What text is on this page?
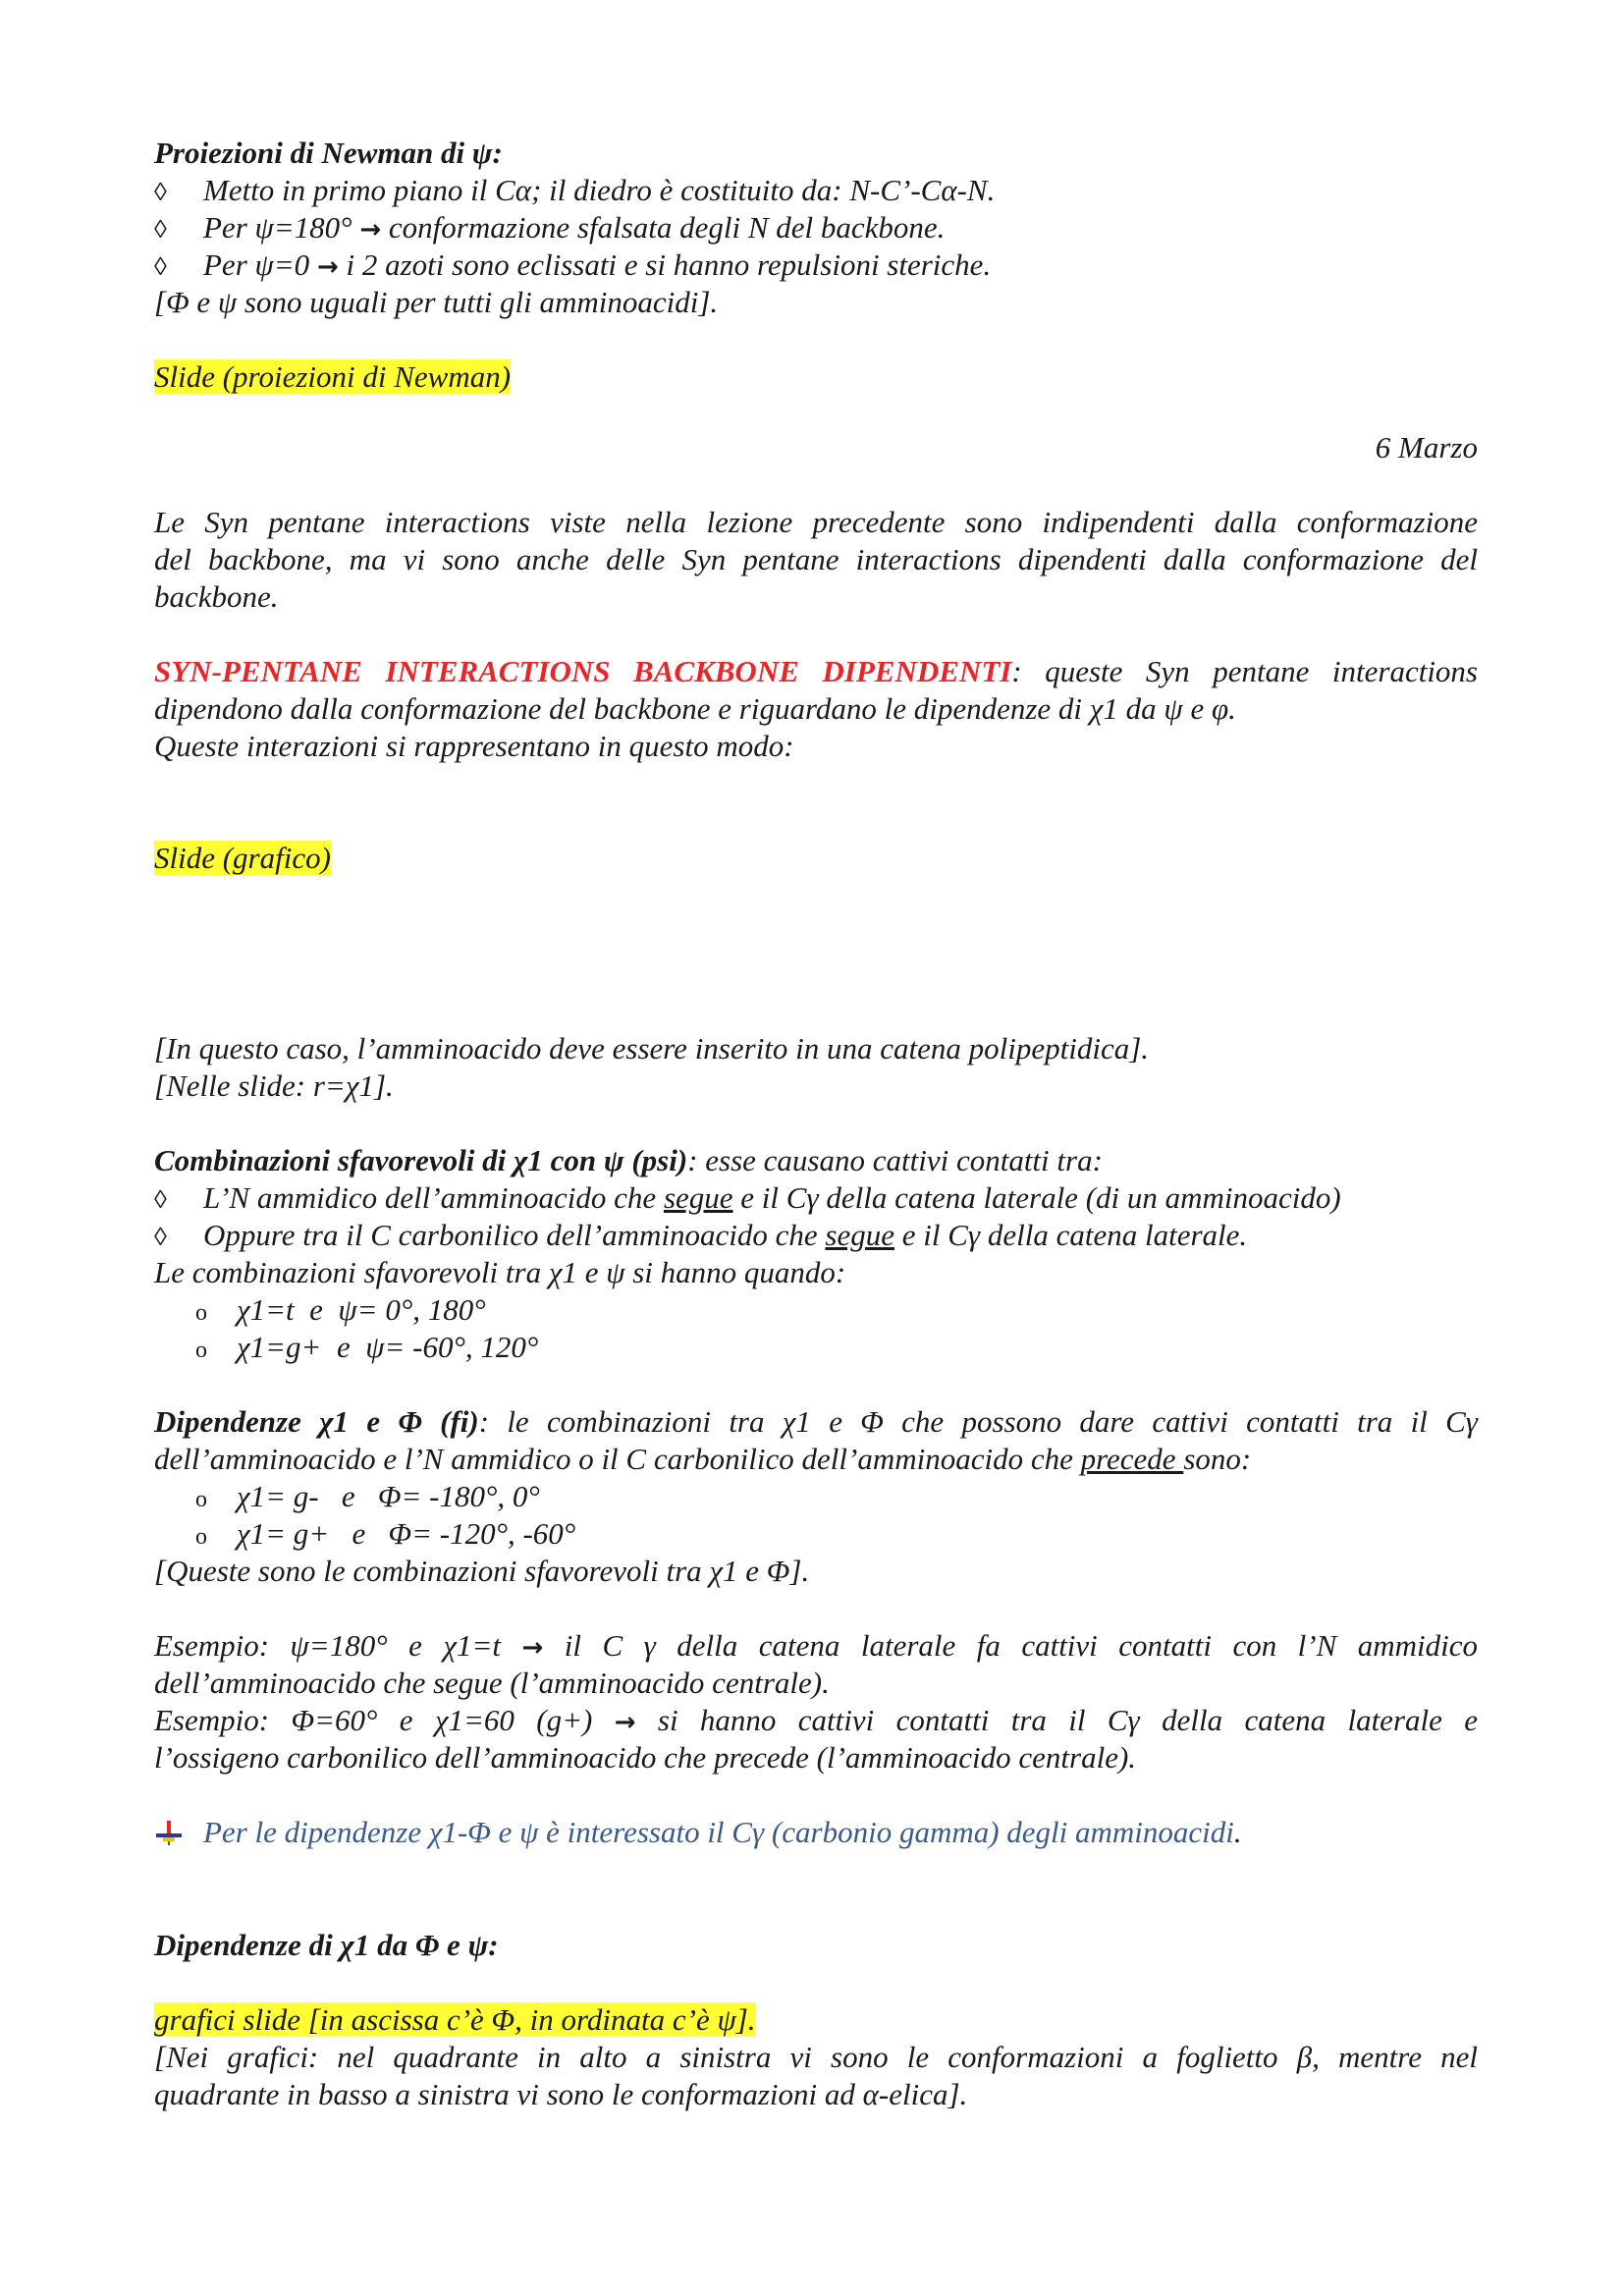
Proiezioni di Newman di ψ:
◊ Metto in primo piano il Cα; il diedro è costituito da: N-C’-Cα-N.
◊ Per ψ=180° → conformazione sfalsata degli N del backbone.
◊ Per ψ=0 → i 2 azoti sono eclissati e si hanno repulsioni steriche.
[Φ e ψ sono uguali per tutti gli amminoacidi].
Slide (proiezioni di Newman)
6 Marzo
Le Syn pentane interactions viste nella lezione precedente sono indipendenti dalla conformazione
del backbone, ma vi sono anche delle Syn pentane interactions dipendenti dalla conformazione del
backbone.
SYN-PENTANE INTERACTIONS BACKBONE DIPENDENTI: queste Syn pentane interactions
dipendono dalla conformazione del backbone e riguardano le dipendenze di χ1 da ψ e φ.
Queste interazioni si rappresentano in questo modo:
Slide (grafico)
[In questo caso, l’amminoacido deve essere inserito in una catena polipeptidica].
[Nelle slide: r=χ1].
Combinazioni sfavorevoli di χ1 con ψ (psi): esse causano cattivi contatti tra:
◊ L’N ammidico dell’amminoacido che segue e il Cγ della catena laterale (di un amminoacido)
◊ Oppure tra il C carbonilico dell’amminoacido che segue e il Cγ della catena laterale.
Le combinazioni sfavorevoli tra χ1 e ψ si hanno quando:
o χ1=t  e  ψ= 0°, 180°
o χ1=g+  e  ψ= -60°, 120°
Dipendenze χ1 e Φ (fi): le combinazioni tra χ1 e Φ che possono dare cattivi contatti tra il Cγ
dell’amminoacido e l’N ammidico o il C carbonilico dell’amminoacido che precede sono:
o χ1= g-   e   Φ= -180°, 0°
o χ1= g+   e   Φ= -120°, -60°
[Queste sono le combinazioni sfavorevoli tra χ1 e Φ].
Esempio: ψ=180° e χ1=t → il C γ della catena laterale fa cattivi contatti con l’N ammidico
dell’amminoacido che segue (l’amminoacido centrale).
Esempio: Φ=60° e χ1=60 (g+) → si hanno cattivi contatti tra il Cγ della catena laterale e
l’ossigeno carbonilico dell’amminoacido che precede (l’amminoacido centrale).
Per le dipendenze χ1-Φ e ψ è interessato il Cγ (carbonio gamma) degli amminoacidi.
Dipendenze di χ1 da Φ e ψ:
grafici slide [in ascissa c’è Φ, in ordinata c’è ψ].
[Nei grafici: nel quadrante in alto a sinistra vi sono le conformazioni a foglietto β, mentre nel
quadrante in basso a sinistra vi sono le conformazioni ad α-elica].
